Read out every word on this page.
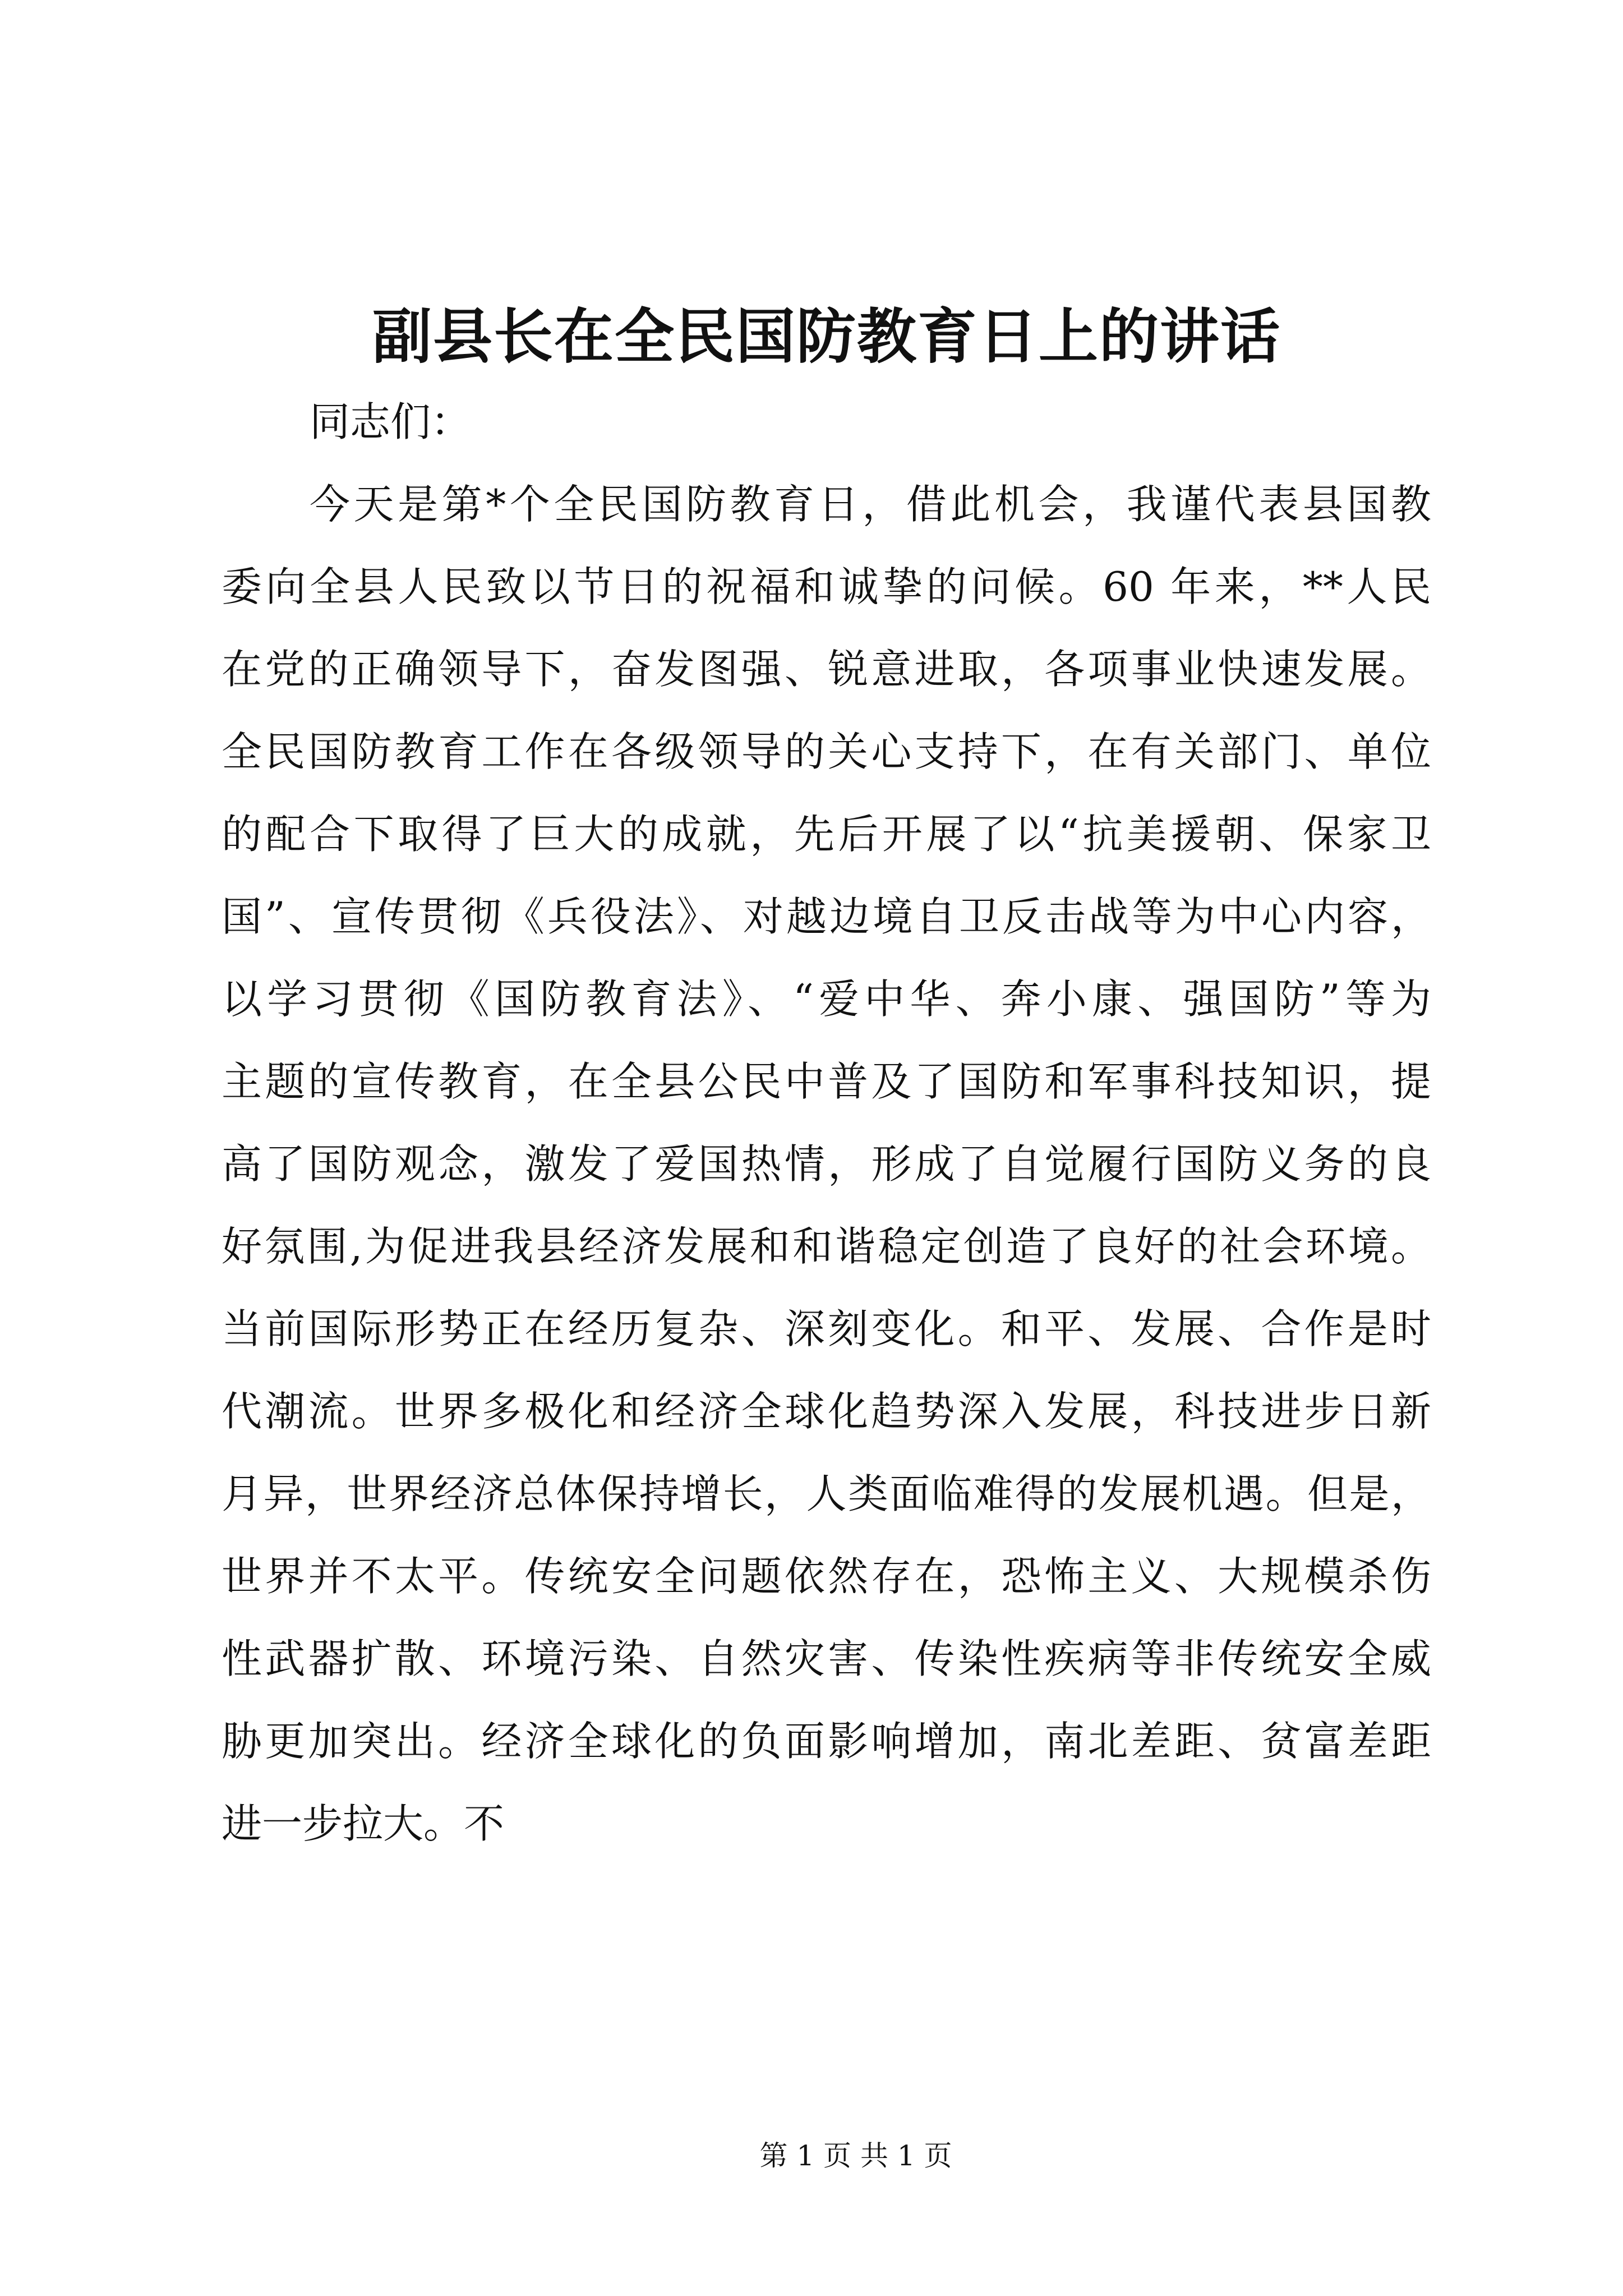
副县长在全民国防教育日上的讲话
同志们：
今天是第*个全民国防教育日，借此机会，我谨代表县国教
委向全县人民致以节日的祝福和诚挚的问候。60 年来，**人民
在党的正确领导下，奋发图强、锐意进取，各项事业快速发展。
全民国防教育工作在各级领导的关心支持下，在有关部门、单位
的配合下取得了巨大的成就，先后开展了以“抗美援朝、保家卫
国”、宣传贯彻《兵役法》、对越边境自卫反击战等为中心内容，
以学习贯彻《国防教育法》、“爱中华、奔小康、强国防”等为
主题的宣传教育，在全县公民中普及了国防和军事科技知识，提
高了国防观念，激发了爱国热情，形成了自觉履行国防义务的良
好氛围,为促进我县经济发展和和谐稳定创造了良好的社会环境。
当前国际形势正在经历复杂、深刻变化。和平、发展、合作是时
代潮流。世界多极化和经济全球化趋势深入发展，科技进步日新
月异，世界经济总体保持增长，人类面临难得的发展机遇。但是，
世界并不太平。传统安全问题依然存在，恐怖主义、大规模杀伤
性武器扩散、环境污染、自然灾害、传染性疾病等非传统安全威
胁更加突出。经济全球化的负面影响增加，南北差距、贫富差距
进一步拉大。不
第 1 页 共 1 页
